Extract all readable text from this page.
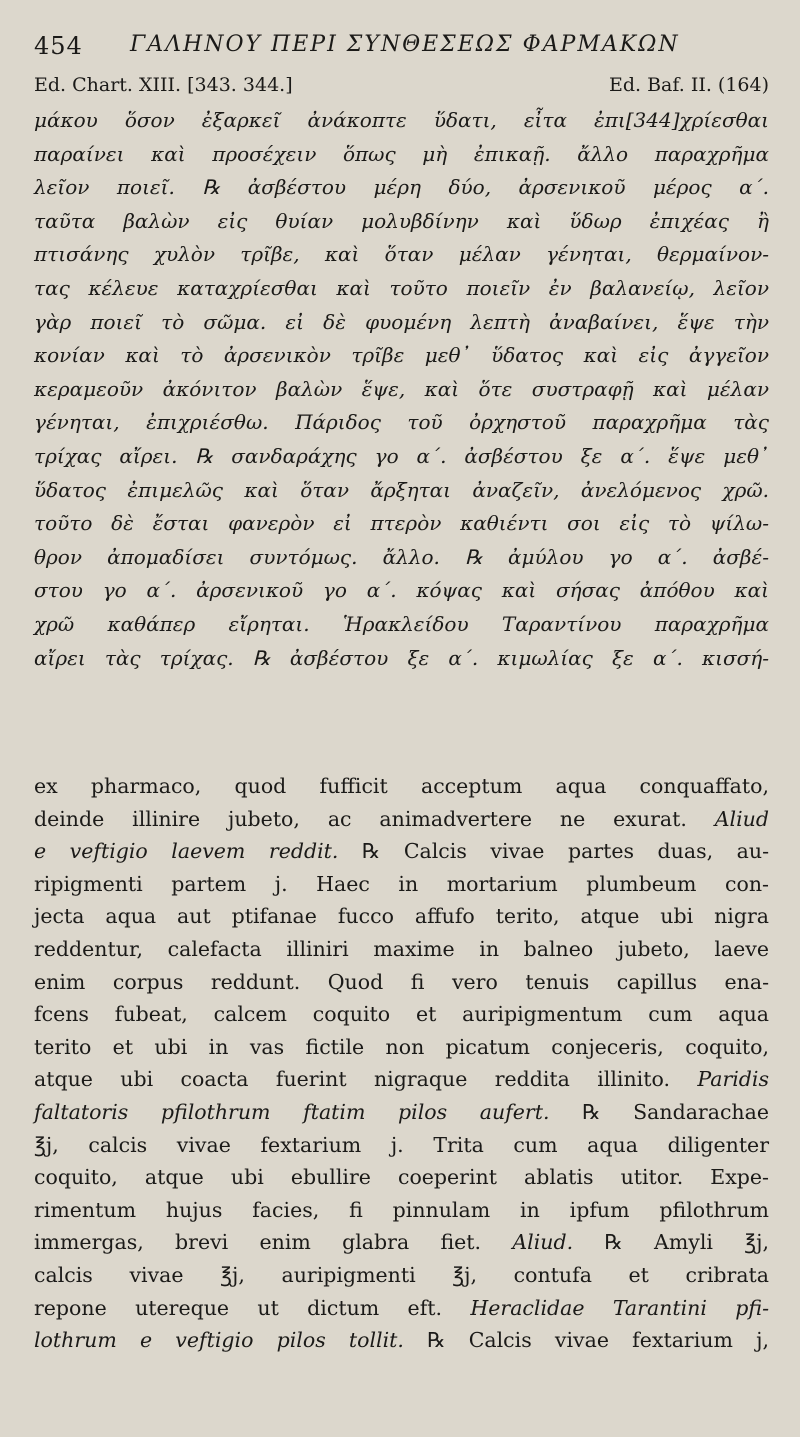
454 ΓΑΛΗΝΟΥ ΠΕΡΙ ΣΥΝΘΕΣΕΩΣ ΦΑΡΜΑΚΩΝ
Ed. Chart. XIII. [343. 344.]	Ed. Baf. II. (164)
μάκου ὅσον ἐξαρκεῖ ἀνάκοπτε ὕδατι, εἶτα ἐπι[344]χρίεσθαι
παραίνει καὶ προσέχειν ὅπως μὴ ἐπικαῇ. ἄλλο παραχρῆμα
λεῖον ποιεῖ. ℞ ἀσβέστου μέρη δύο, ἀρσενικοῦ μέρος α΄.
ταῦτα βαλὼν εἰς θυίαν μολυβδίνην καὶ ὕδωρ ἐπιχέας ἢ
πτισάνης χυλὸν τρῖβε, καὶ ὅταν μέλαν γένηται, θερμαίνον-
τας κέλευε καταχρίεσθαι καὶ τοῦτο ποιεῖν ἐν βαλανείῳ, λεῖον
γὰρ ποιεῖ τὸ σῶμα. εἰ δὲ φυομένη λεπτὴ ἀναβαίνει, ἕψε τὴν
κονίαν καὶ τὸ ἀρσενικὸν τρῖβε μεθ᾽ ὕδατος καὶ εἰς ἀγγεῖον
κεραμεοῦν ἀκόνιτον βαλὼν ἕψε, καὶ ὅτε συστραφῇ καὶ μέλαν
γένηται, ἐπιχριέσθω. Πάριδος τοῦ ὀρχηστοῦ παραχρῆμα τὰς
τρίχας αἴρει. ℞ σανδαράχης γο α΄. ἀσβέστου ξε α΄. ἕψε μεθ᾽
ὕδατος ἐπιμελῶς καὶ ὅταν ἄρξηται ἀναζεῖν, ἀνελόμενος χρῶ.
τοῦτο δὲ ἔσται φανερὸν εἰ πτερὸν καθιέντι σοι εἰς τὸ ψίλω-
θρον ἀπομαδίσει συντόμως. ἄλλο. ℞ ἀμύλου γο α΄. ἀσβέ-
στου γο α΄. ἀρσενικοῦ γο α΄. κόψας καὶ σήσας ἀπόθου καὶ
χρῶ καθάπερ εἴρηται. Ἡρακλείδου Ταραντίνου παραχρῆμα
αἴρει τὰς τρίχας. ℞ ἀσβέστου ξε α΄. κιμωλίας ξε α΄. κισσή-
ex pharmaco, quod fufficit acceptum aqua conquaffato,
deinde illinire jubeto, ac animadvertere ne exurat. Aliud
e veftigio laevem reddit. ℞ Calcis vivae partes duas, au-
ripigmenti partem j. Haec in mortarium plumbeum con-
jecta aqua aut ptifanae fucco affufo terito, atque ubi nigra
reddentur, calefacta illiniri maxime in balneo jubeto, laeve
enim corpus reddunt. Quod fi vero tenuis capillus ena-
fcens fubeat, calcem coquito et auripigmentum cum aqua
terito et ubi in vas fictile non picatum conjeceris, coquito,
atque ubi coacta fuerint nigraque reddita illinito. Paridis
faltatoris pfilothrum ftatim pilos aufert. ℞ Sandarachae
℥j, calcis vivae fextarium j. Trita cum aqua diligenter
coquito, atque ubi ebullire coeperint ablatis utitor. Expe-
rimentum hujus facies, fi pinnulam in ipfum pfilothrum
immergas, brevi enim glabra fiet. Aliud. ℞ Amyli ℥j,
calcis vivae ℥j, auripigmenti ℥j, contufa et cribrata
repone utereque ut dictum eft. Heraclidae Tarantini pfi-
lothrum e veftigio pilos tollit. ℞ Calcis vivae fextarium j,
